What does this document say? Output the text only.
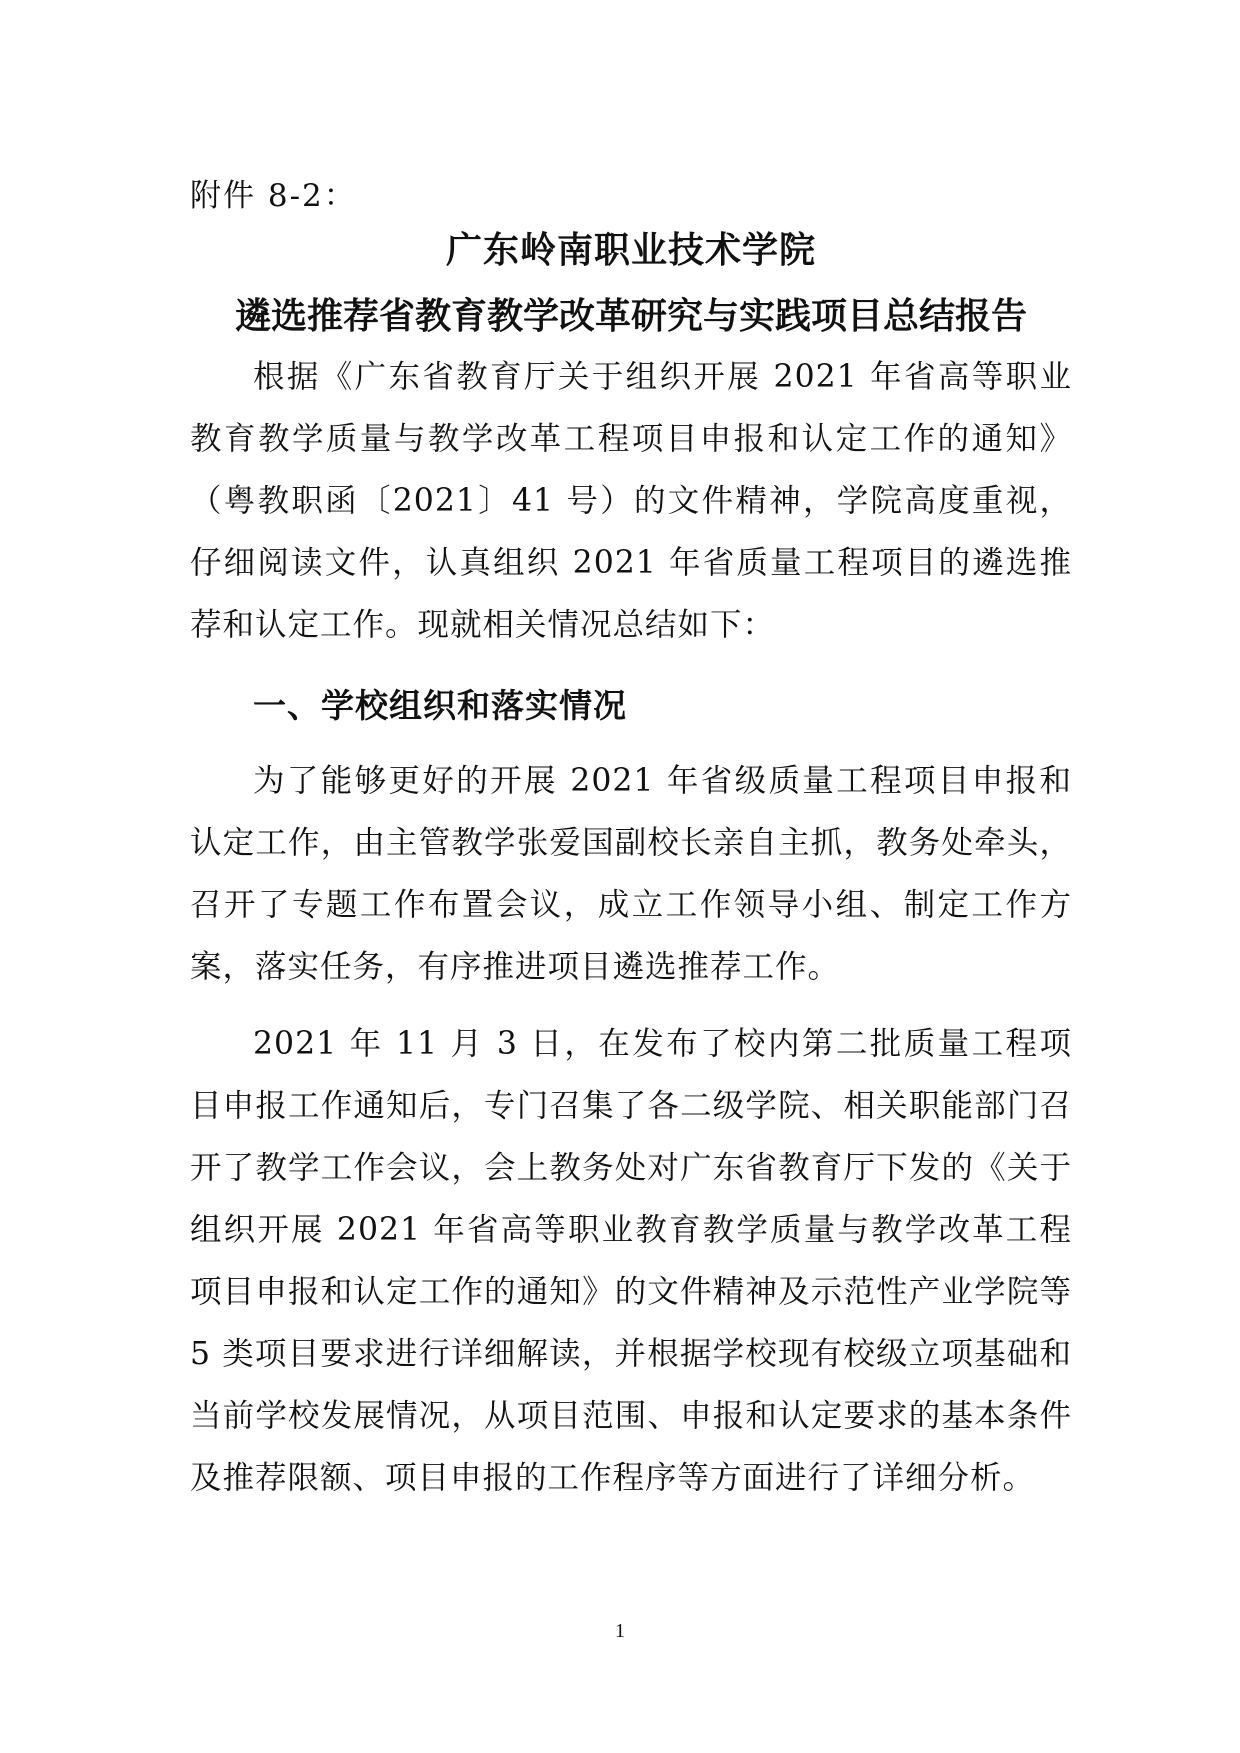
附件 8-2：
广东岭南职业技术学院
遴选推荐省教育教学改革研究与实践项目总结报告

根据《广东省教育厅关于组织开展 2021 年省高等职业教育教学质量与教学改革工程项目申报和认定工作的通知》（粤教职函〔2021〕41 号）的文件精神，学院高度重视，仔细阅读文件，认真组织 2021 年省质量工程项目的遴选推荐和认定工作。现就相关情况总结如下：

一、学校组织和落实情况

为了能够更好的开展 2021 年省级质量工程项目申报和认定工作，由主管教学张爱国副校长亲自主抓，教务处牵头，召开了专题工作布置会议，成立工作领导小组、制定工作方案，落实任务，有序推进项目遴选推荐工作。

2021 年 11 月 3 日，在发布了校内第二批质量工程项目申报工作通知后，专门召集了各二级学院、相关职能部门召开了教学工作会议，会上教务处对广东省教育厅下发的《关于组织开展 2021 年省高等职业教育教学质量与教学改革工程项目申报和认定工作的通知》的文件精神及示范性产业学院等 5 类项目要求进行详细解读，并根据学校现有校级立项基础和当前学校发展情况，从项目范围、申报和认定要求的基本条件及推荐限额、项目申报的工作程序等方面进行了详细分析。

1
